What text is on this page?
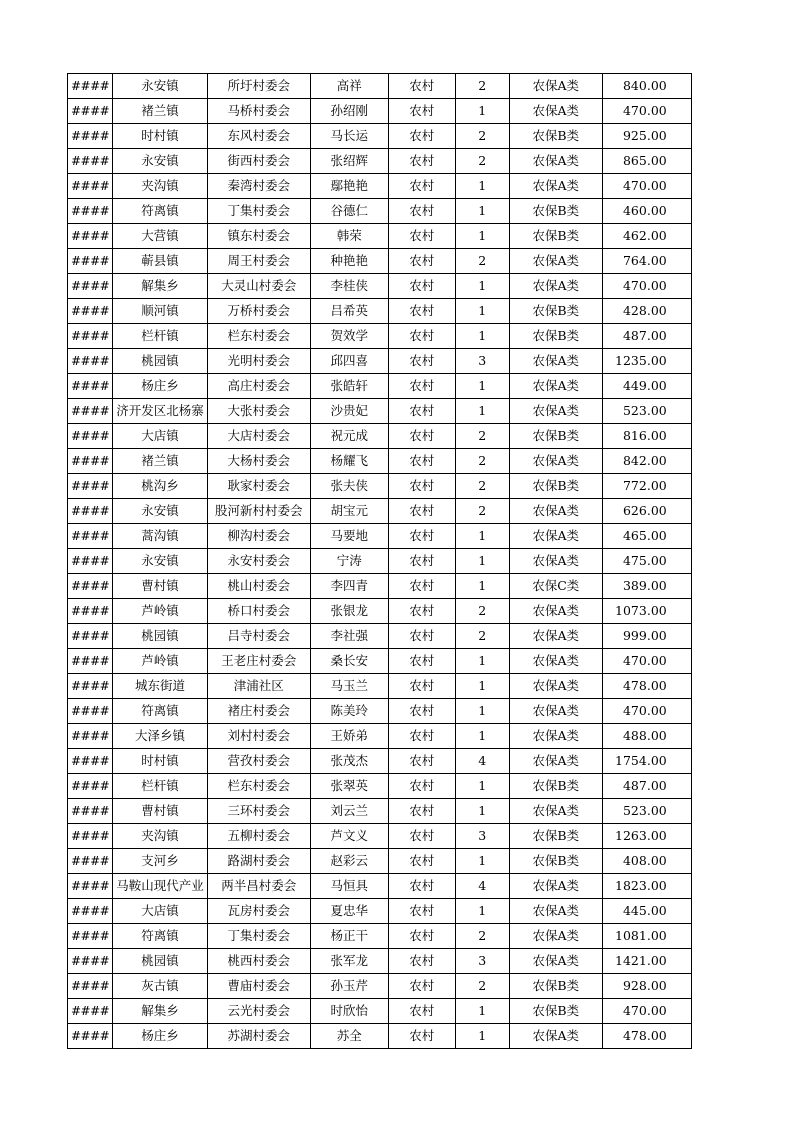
####	永安镇	所圩村委会	高祥	农村	2	农保A类	840.00
####	褚兰镇	马桥村委会	孙绍刚	农村	1	农保A类	470.00
####	时村镇	东风村委会	马长运	农村	2	农保B类	925.00
####	永安镇	街西村委会	张绍辉	农村	2	农保A类	865.00
####	夹沟镇	秦湾村委会	鄢艳艳	农村	1	农保A类	470.00
####	符离镇	丁集村委会	谷德仁	农村	1	农保B类	460.00
####	大营镇	镇东村委会	韩荣	农村	1	农保B类	462.00
####	蕲县镇	周王村委会	种艳艳	农村	2	农保A类	764.00
####	解集乡	大灵山村委会	李桂侠	农村	1	农保A类	470.00
####	顺河镇	万桥村委会	吕希英	农村	1	农保B类	428.00
####	栏杆镇	栏东村委会	贺效学	农村	1	农保B类	487.00
####	桃园镇	光明村委会	邱四喜	农村	3	农保A类	1235.00
####	杨庄乡	高庄村委会	张皓轩	农村	1	农保A类	449.00
####	济开发区北杨寨	大张村委会	沙贵妃	农村	1	农保A类	523.00
####	大店镇	大店村委会	祝元成	农村	2	农保B类	816.00
####	褚兰镇	大杨村委会	杨耀飞	农村	2	农保A类	842.00
####	桃沟乡	耿家村委会	张夫侠	农村	2	农保B类	772.00
####	永安镇	股河新村村委会	胡宝元	农村	2	农保A类	626.00
####	蒿沟镇	柳沟村委会	马要地	农村	1	农保A类	465.00
####	永安镇	永安村委会	宁涛	农村	1	农保A类	475.00
####	曹村镇	桃山村委会	李四青	农村	1	农保C类	389.00
####	芦岭镇	桥口村委会	张银龙	农村	2	农保A类	1073.00
####	桃园镇	吕寺村委会	李社强	农村	2	农保A类	999.00
####	芦岭镇	王老庄村委会	桑长安	农村	1	农保A类	470.00
####	城东街道	津浦社区	马玉兰	农村	1	农保A类	478.00
####	符离镇	褚庄村委会	陈美玲	农村	1	农保A类	470.00
####	大泽乡镇	刘村村委会	王娇弟	农村	1	农保A类	488.00
####	时村镇	营孜村委会	张茂杰	农村	4	农保A类	1754.00
####	栏杆镇	栏东村委会	张翠英	农村	1	农保B类	487.00
####	曹村镇	三环村委会	刘云兰	农村	1	农保A类	523.00
####	夹沟镇	五柳村委会	芦文义	农村	3	农保B类	1263.00
####	支河乡	路湖村委会	赵彩云	农村	1	农保B类	408.00
####	马鞍山现代产业	两半昌村委会	马恒具	农村	4	农保A类	1823.00
####	大店镇	瓦房村委会	夏忠华	农村	1	农保A类	445.00
####	符离镇	丁集村委会	杨正干	农村	2	农保A类	1081.00
####	桃园镇	桃西村委会	张军龙	农村	3	农保A类	1421.00
####	灰古镇	曹庙村委会	孙玉芹	农村	2	农保B类	928.00
####	解集乡	云光村委会	时欣怡	农村	1	农保B类	470.00
####	杨庄乡	苏湖村委会	苏全	农村	1	农保A类	478.00
